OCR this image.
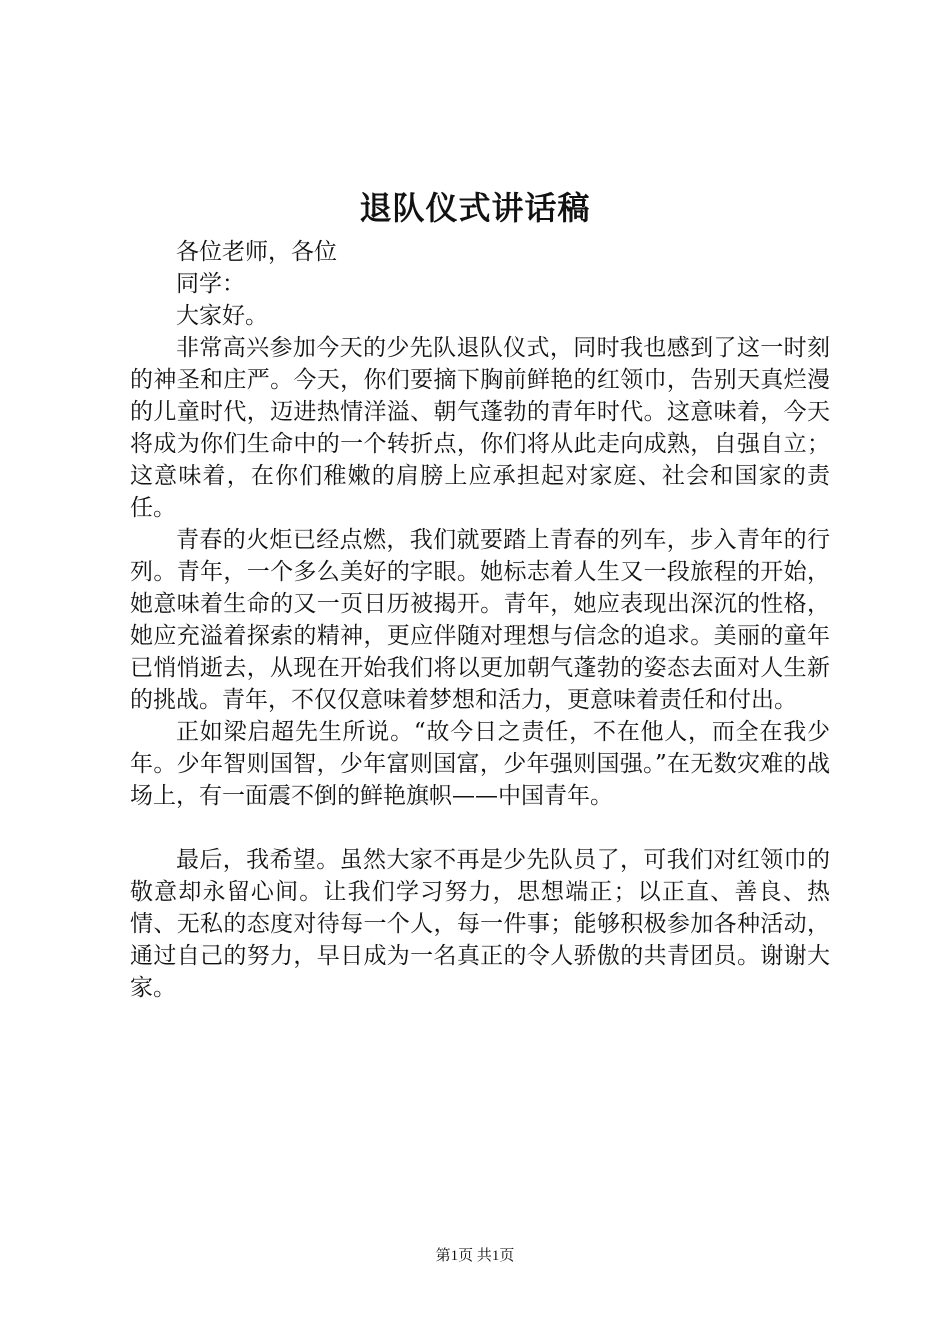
退队仪式讲话稿

各位老师，各位

同学：

大家好。

非常高兴参加今天的少先队退队仪式，同时我也感到了这一时刻的神圣和庄严。今天，你们要摘下胸前鲜艳的红领巾，告别天真烂漫的儿童时代，迈进热情洋溢、朝气蓬勃的青年时代。这意味着，今天将成为你们生命中的一个转折点，你们将从此走向成熟，自强自立；这意味着，在你们稚嫩的肩膀上应承担起对家庭、社会和国家的责任。

青春的火炬已经点燃，我们就要踏上青春的列车，步入青年的行列。青年，一个多么美好的字眼。她标志着人生又一段旅程的开始，她意味着生命的又一页日历被揭开。青年，她应表现出深沉的性格，她应充溢着探索的精神，更应伴随对理想与信念的追求。美丽的童年已悄悄逝去，从现在开始我们将以更加朝气蓬勃的姿态去面对人生新的挑战。青年，不仅仅意味着梦想和活力，更意味着责任和付出。

正如梁启超先生所说。“故今日之责任，不在他人，而全在我少年。少年智则国智，少年富则国富，少年强则国强。”在无数灾难的战场上，有一面震不倒的鲜艳旗帜——中国青年。

最后，我希望。虽然大家不再是少先队员了，可我们对红领巾的敬意却永留心间。让我们学习努力，思想端正；以正直、善良、热情、无私的态度对待每一个人，每一件事；能够积极参加各种活动，通过自己的努力，早日成为一名真正的令人骄傲的共青团员。谢谢大家。

第1页 共1页
